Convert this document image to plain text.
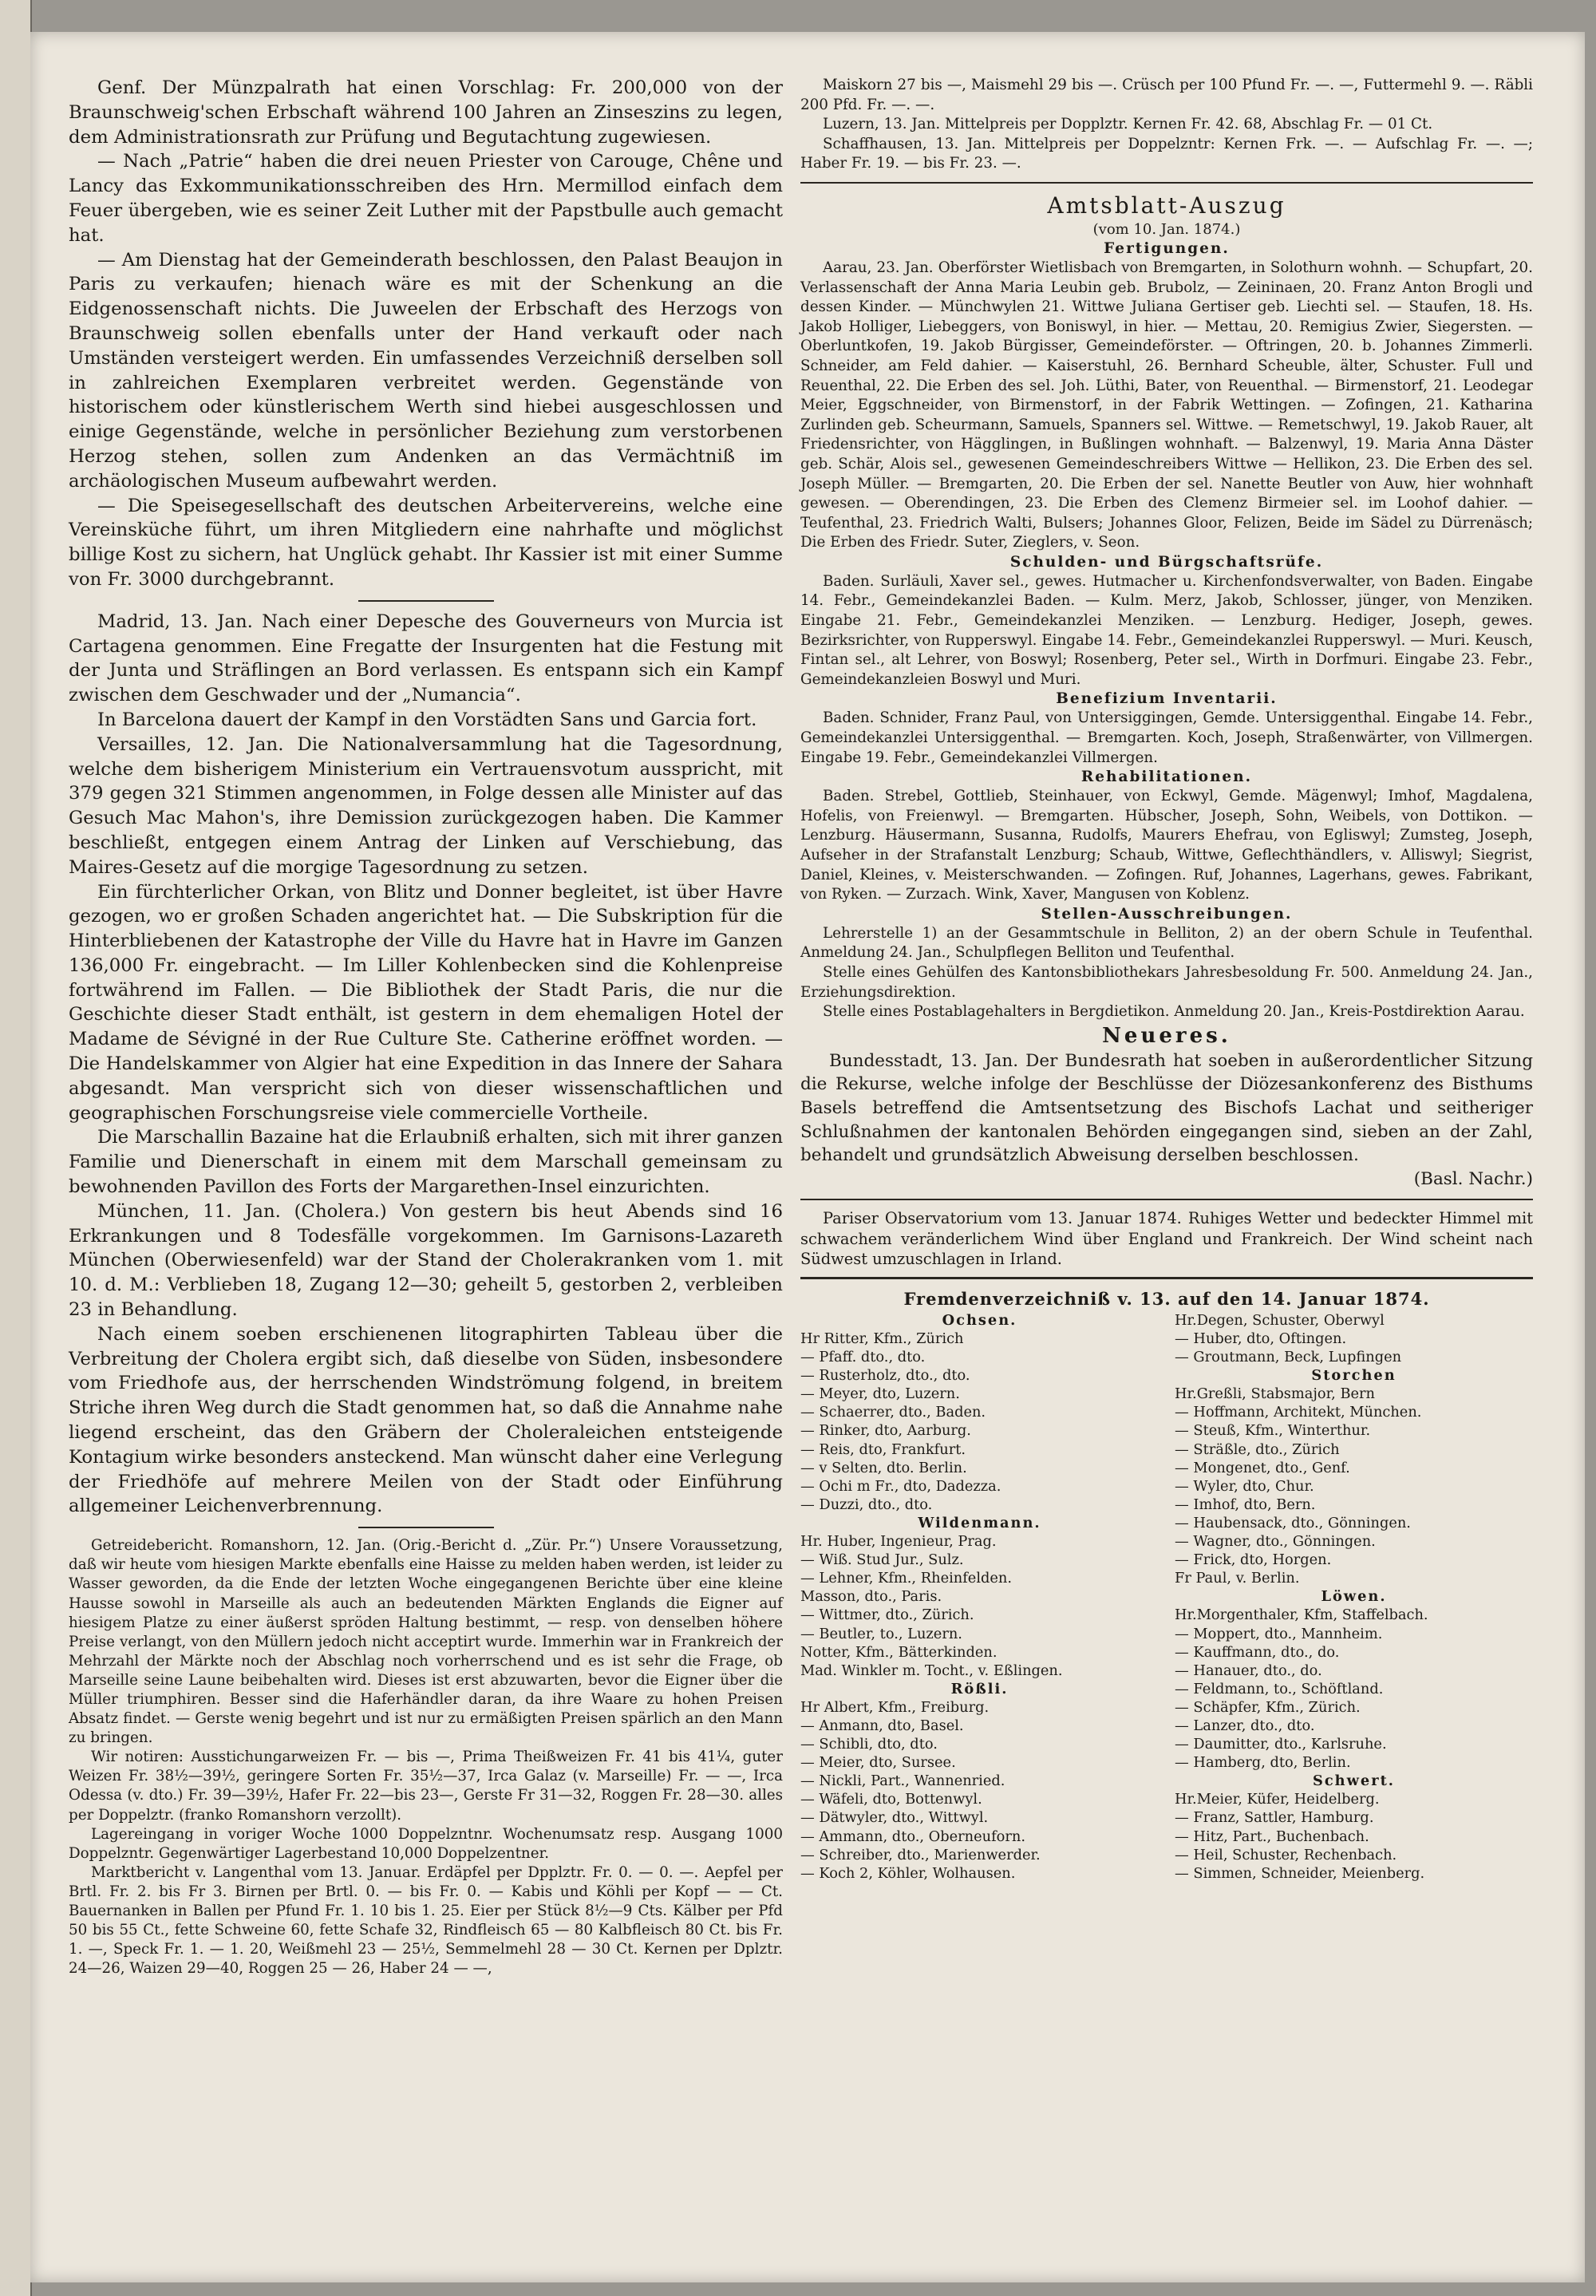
Genf. Der Münzpalrath hat einen Vorschlag: Fr. 200,000 von der Braunschweig'schen Erbschaft während 100 Jahren an Zinseszins zu legen, dem Administrationsrath zur Prüfung und Begutachtung zugewiesen.

— Nach „Patrie“ haben die drei neuen Priester von Carouge, Chêne und Lancy das Exkommunikationsschreiben des Hrn. Mermillod einfach dem Feuer übergeben, wie es seiner Zeit Luther mit der Papstbulle auch gemacht hat.

— Am Dienstag hat der Gemeinderath beschlossen, den Palast Beaujon in Paris zu verkaufen; hienach wäre es mit der Schenkung an die Eidgenossenschaft nichts. Die Juweelen der Erbschaft des Herzogs von Braunschweig sollen ebenfalls unter der Hand verkauft oder nach Umständen versteigert werden. Ein umfassendes Verzeichniß derselben soll in zahlreichen Exemplaren verbreitet werden. Gegenstände von historischem oder künstlerischem Werth sind hiebei ausgeschlossen und einige Gegenstände, welche in persönlicher Beziehung zum verstorbenen Herzog stehen, sollen zum Andenken an das Vermächtniß im archäologischen Museum aufbewahrt werden.

— Die Speisegesellschaft des deutschen Arbeitervereins, welche eine Vereinsküche führt, um ihren Mitgliedern eine nahrhafte und möglichst billige Kost zu sichern, hat Unglück gehabt. Ihr Kassier ist mit einer Summe von Fr. 3000 durchgebrannt.

Madrid, 13. Jan. Nach einer Depesche des Gouverneurs von Murcia ist Cartagena genommen. Eine Fregatte der Insurgenten hat die Festung mit der Junta und Sträflingen an Bord verlassen. Es entspann sich ein Kampf zwischen dem Geschwader und der „Numancia“.

In Barcelona dauert der Kampf in den Vorstädten Sans und Garcia fort.

Versailles, 12. Jan. Die Nationalversammlung hat die Tagesordnung, welche dem bisherigem Ministerium ein Vertrauensvotum ausspricht, mit 379 gegen 321 Stimmen angenommen, in Folge dessen alle Minister auf das Gesuch Mac Mahon's, ihre Demission zurückgezogen haben. Die Kammer beschließt, entgegen einem Antrag der Linken auf Verschiebung, das Maires-Gesetz auf die morgige Tagesordnung zu setzen.

Ein fürchterlicher Orkan, von Blitz und Donner begleitet, ist über Havre gezogen, wo er großen Schaden angerichtet hat. — Die Subskription für die Hinterbliebenen der Katastrophe der Ville du Havre hat in Havre im Ganzen 136,000 Fr. eingebracht. — Im Liller Kohlenbecken sind die Kohlenpreise fortwährend im Fallen. — Die Bibliothek der Stadt Paris, die nur die Geschichte dieser Stadt enthält, ist gestern in dem ehemaligen Hotel der Madame de Sévigné in der Rue Culture Ste. Catherine eröffnet worden. — Die Handelskammer von Algier hat eine Expedition in das Innere der Sahara abgesandt. Man verspricht sich von dieser wissenschaftlichen und geographischen Forschungsreise viele commercielle Vortheile.

Die Marschallin Bazaine hat die Erlaubniß erhalten, sich mit ihrer ganzen Familie und Dienerschaft in einem mit dem Marschall gemeinsam zu bewohnenden Pavillon des Forts der Margarethen-Insel einzurichten.

München, 11. Jan. (Cholera.) Von gestern bis heut Abends sind 16 Erkrankungen und 8 Todesfälle vorgekommen. Im Garnisons-Lazareth München (Oberwiesenfeld) war der Stand der Cholerakranken vom 1. mit 10. d. M.: Verblieben 18, Zugang 12—30; geheilt 5, gestorben 2, verbleiben 23 in Behandlung.

Nach einem soeben erschienenen litographirten Tableau über die Verbreitung der Cholera ergibt sich, daß dieselbe von Süden, insbesondere vom Friedhofe aus, der herrschenden Windströmung folgend, in breitem Striche ihren Weg durch die Stadt genommen hat, so daß die Annahme nahe liegend erscheint, das den Gräbern der Choleraleichen entsteigende Kontagium wirke besonders ansteckend. Man wünscht daher eine Verlegung der Friedhöfe auf mehrere Meilen von der Stadt oder Einführung allgemeiner Leichenverbrennung.

Getreidebericht. Romanshorn, 12. Jan. (Orig.-Bericht d. „Zür. Pr.“) Unsere Voraussetzung, daß wir heute vom hiesigen Markte ebenfalls eine Haisse zu melden haben werden, ist leider zu Wasser geworden, da die Ende der letzten Woche eingegangenen Berichte über eine kleine Hausse sowohl in Marseille als auch an bedeutenden Märkten Englands die Eigner auf hiesigem Platze zu einer äußerst spröden Haltung bestimmt, — resp. von denselben höhere Preise verlangt, von den Müllern jedoch nicht acceptirt wurde. Immerhin war in Frankreich der Mehrzahl der Märkte noch der Abschlag noch vorherrschend und es ist sehr die Frage, ob Marseille seine Laune beibehalten wird. Dieses ist erst abzuwarten, bevor die Eigner über die Müller triumphiren. Besser sind die Haferhändler daran, da ihre Waare zu hohen Preisen Absatz findet. — Gerste wenig begehrt und ist nur zu ermäßigten Preisen spärlich an den Mann zu bringen.

Wir notiren: Ausstichungarweizen Fr. — bis —, Prima Theißweizen Fr. 41 bis 41¼, guter Weizen Fr. 38½—39½, geringere Sorten Fr. 35½—37, Irca Galaz (v. Marseille) Fr. — —, Irca Odessa (v. dto.) Fr. 39—39½, Hafer Fr. 22—bis 23—, Gerste Fr 31—32, Roggen Fr. 28—30. alles per Doppelztr. (franko Romanshorn verzollt).

Lagereingang in voriger Woche 1000 Doppelzntnr. Wochenumsatz resp. Ausgang 1000 Doppelzntr. Gegenwärtiger Lagerbestand 10,000 Doppelzentner.

Marktbericht v. Langenthal vom 13. Januar. Erdäpfel per Dpplztr. Fr. 0. — 0. —. Aepfel per Brtl. Fr. 2. bis Fr 3. Birnen per Brtl. 0. — bis Fr. 0. — Kabis und Köhli per Kopf — — Ct. Bauernanken in Ballen per Pfund Fr. 1. 10 bis 1. 25. Eier per Stück 8½—9 Cts. Kälber per Pfd 50 bis 55 Ct., fette Schweine 60, fette Schafe 32, Rindfleisch 65 — 80 Kalbfleisch 80 Ct. bis Fr. 1. —, Speck Fr. 1. — 1. 20, Weißmehl 23 — 25½, Semmelmehl 28 — 30 Ct. Kernen per Dplztr. 24—26, Waizen 29—40, Roggen 25 — 26, Haber 24 — —,

Maiskorn 27 bis —, Maismehl 29 bis —. Crüsch per 100 Pfund Fr. —. —, Futtermehl 9. —. Räbli 200 Pfd. Fr. —. —.

Luzern, 13. Jan. Mittelpreis per Dopplztr. Kernen Fr. 42. 68, Abschlag Fr. — 01 Ct.

Schaffhausen, 13. Jan. Mittelpreis per Doppelzntr: Kernen Frk. —. — Aufschlag Fr. —. —; Haber Fr. 19. — bis Fr. 23. —.

Amtsblatt-Auszug

(vom 10. Jan. 1874.)

Fertigungen.

Aarau, 23. Jan. Oberförster Wietlisbach von Bremgarten, in Solothurn wohnh. — Schupfart, 20. Verlassenschaft der Anna Maria Leubin geb. Brubolz, — Zeininaen, 20. Franz Anton Brogli und dessen Kinder. — Münchwylen 21. Wittwe Juliana Gertiser geb. Liechti sel. — Staufen, 18. Hs. Jakob Holliger, Liebeggers, von Boniswyl, in hier. — Mettau, 20. Remigius Zwier, Siegersten. — Oberluntkofen, 19. Jakob Bürgisser, Gemeindeförster. — Oftringen, 20. b. Johannes Zimmerli. Schneider, am Feld dahier. — Kaiserstuhl, 26. Bernhard Scheuble, älter, Schuster. Full und Reuenthal, 22. Die Erben des sel. Joh. Lüthi, Bater, von Reuenthal. — Birmenstorf, 21. Leodegar Meier, Eggschneider, von Birmenstorf, in der Fabrik Wettingen. — Zofingen, 21. Katharina Zurlinden geb. Scheurmann, Samuels, Spanners sel. Wittwe. — Remetschwyl, 19. Jakob Rauer, alt Friedensrichter, von Hägglingen, in Bußlingen wohnhaft. — Balzenwyl, 19. Maria Anna Däster geb. Schär, Alois sel., gewesenen Gemeindeschreibers Wittwe — Hellikon, 23. Die Erben des sel. Joseph Müller. — Bremgarten, 20. Die Erben der sel. Nanette Beutler von Auw, hier wohnhaft gewesen. — Oberendingen, 23. Die Erben des Clemenz Birmeier sel. im Loohof dahier. — Teufenthal, 23. Friedrich Walti, Bulsers; Johannes Gloor, Felizen, Beide im Sädel zu Dürrenäsch; Die Erben des Friedr. Suter, Zieglers, v. Seon.

Schulden- und Bürgschaftsrüfe.

Baden. Surläuli, Xaver sel., gewes. Hutmacher u. Kirchenfondsverwalter, von Baden. Eingabe 14. Febr., Gemeindekanzlei Baden. — Kulm. Merz, Jakob, Schlosser, jünger, von Menziken. Eingabe 21. Febr., Gemeindekanzlei Menziken. — Lenzburg. Hediger, Joseph, gewes. Bezirksrichter, von Rupperswyl. Eingabe 14. Febr., Gemeindekanzlei Rupperswyl. — Muri. Keusch, Fintan sel., alt Lehrer, von Boswyl; Rosenberg, Peter sel., Wirth in Dorfmuri. Eingabe 23. Febr., Gemeindekanzleien Boswyl und Muri.

Benefizium Inventarii.

Baden. Schnider, Franz Paul, von Untersiggingen, Gemde. Untersiggenthal. Eingabe 14. Febr., Gemeindekanzlei Untersiggenthal. — Bremgarten. Koch, Joseph, Straßenwärter, von Villmergen. Eingabe 19. Febr., Gemeindekanzlei Villmergen.

Rehabilitationen.

Baden. Strebel, Gottlieb, Steinhauer, von Eckwyl, Gemde. Mägenwyl; Imhof, Magdalena, Hofelis, von Freienwyl. — Bremgarten. Hübscher, Joseph, Sohn, Weibels, von Dottikon. — Lenzburg. Häusermann, Susanna, Rudolfs, Maurers Ehefrau, von Egliswyl; Zumsteg, Joseph, Aufseher in der Strafanstalt Lenzburg; Schaub, Wittwe, Geflechthändlers, v. Alliswyl; Siegrist, Daniel, Kleines, v. Meisterschwanden. — Zofingen. Ruf, Johannes, Lagerhans, gewes. Fabrikant, von Ryken. — Zurzach. Wink, Xaver, Mangusen von Koblenz.

Stellen-Ausschreibungen.

Lehrerstelle 1) an der Gesammtschule in Belliton, 2) an der obern Schule in Teufenthal. Anmeldung 24. Jan., Schulpflegen Belliton und Teufenthal.

Stelle eines Gehülfen des Kantonsbibliothekars Jahresbesoldung Fr. 500. Anmeldung 24. Jan., Erziehungsdirektion.

Stelle eines Postablagehalters in Bergdietikon. Anmeldung 20. Jan., Kreis-Postdirektion Aarau.

Neueres.

Bundesstadt, 13. Jan. Der Bundesrath hat soeben in außerordentlicher Sitzung die Rekurse, welche infolge der Beschlüsse der Diözesankonferenz des Bisthums Basels betreffend die Amtsentsetzung des Bischofs Lachat und seitheriger Schlußnahmen der kantonalen Behörden eingegangen sind, sieben an der Zahl, behandelt und grundsätzlich Abweisung derselben beschlossen.

(Basl. Nachr.)

Pariser Observatorium vom 13. Januar 1874. Ruhiges Wetter und bedeckter Himmel mit schwachem veränderlichem Wind über England und Frankreich. Der Wind scheint nach Südwest umzuschlagen in Irland.

Fremdenverzeichniß v. 13. auf den 14. Januar 1874.

Ochsen.

Hr Ritter, Kfm., Zürich

— Pfaff. dto., dto.

— Rusterholz, dto., dto.

— Meyer, dto, Luzern.

— Schaerrer, dto., Baden.

— Rinker, dto, Aarburg.

— Reis, dto, Frankfurt.

— v Selten, dto. Berlin.

— Ochi m Fr., dto, Dadezza.

— Duzzi, dto., dto.

Wildenmann.

Hr. Huber, Ingenieur, Prag.

— Wiß. Stud Jur., Sulz.

— Lehner, Kfm., Rheinfelden.

Masson, dto., Paris.

— Wittmer, dto., Zürich.

— Beutler, to., Luzern.

Notter, Kfm., Bätterkinden.

Mad. Winkler m. Tocht., v. Eßlingen.

Rößli.

Hr Albert, Kfm., Freiburg.

— Anmann, dto, Basel.

— Schibli, dto, dto.

— Meier, dto, Sursee.

— Nickli, Part., Wannenried.

— Wäfeli, dto, Bottenwyl.

— Dätwyler, dto., Wittwyl.

— Ammann, dto., Oberneuforn.

— Schreiber, dto., Marienwerder.

— Koch 2, Köhler, Wolhausen.

Hr.Degen, Schuster, Oberwyl

— Huber, dto, Oftingen.

— Groutmann, Beck, Lupfingen

Storchen

Hr.Greßli, Stabsmajor, Bern

— Hoffmann, Architekt, München.

— Steuß, Kfm., Winterthur.

— Sträßle, dto., Zürich

— Mongenet, dto., Genf.

— Wyler, dto, Chur.

— Imhof, dto, Bern.

— Haubensack, dto., Gönningen.

— Wagner, dto., Gönningen.

— Frick, dto, Horgen.

Fr Paul, v. Berlin.

Löwen.

Hr.Morgenthaler, Kfm, Staffelbach.

— Moppert, dto., Mannheim.

— Kauffmann, dto., do.

— Hanauer, dto., do.

— Feldmann, to., Schöftland.

— Schäpfer, Kfm., Zürich.

— Lanzer, dto., dto.

— Daumitter, dto., Karlsruhe.

— Hamberg, dto, Berlin.

Schwert.

Hr.Meier, Küfer, Heidelberg.

— Franz, Sattler, Hamburg.

— Hitz, Part., Buchenbach.

— Heil, Schuster, Rechenbach.

— Simmen, Schneider, Meienberg.
